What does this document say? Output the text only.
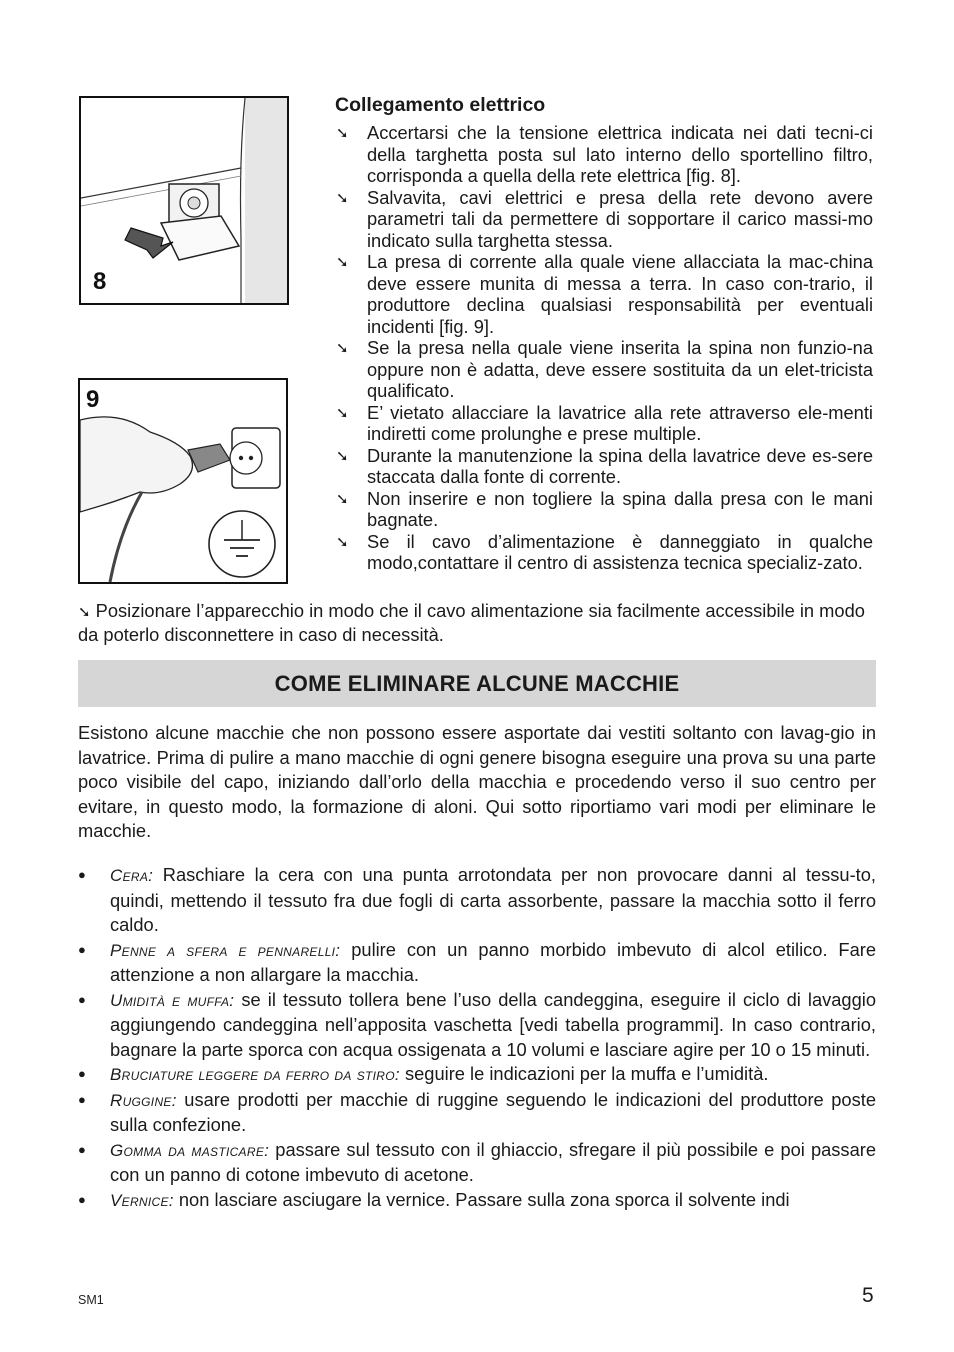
8
9
Collegamento elettrico
➘ Accertarsi che la tensione elettrica indicata nei dati tecni-ci della targhetta posta sul lato interno dello sportellino filtro, corrisponda a quella della rete elettrica [fig. 8].
➘ Salvavita, cavi elettrici e presa della rete devono avere parametri tali da permettere di sopportare il carico massi-mo indicato sulla targhetta stessa.
➘ La presa di corrente alla quale viene allacciata la mac-china deve essere munita di messa a terra. In caso con-trario, il produttore declina qualsiasi responsabilità per eventuali incidenti [fig. 9].
➘ Se la presa nella quale viene inserita la spina non funzio-na oppure non è adatta, deve essere sostituita da un elet-tricista qualificato.
➘ E’ vietato allacciare la lavatrice alla rete attraverso ele-menti indiretti come prolunghe e prese multiple.
➘ Durante la manutenzione la spina della lavatrice deve es-sere staccata dalla fonte di corrente.
➘ Non inserire e non togliere la spina dalla presa con le mani bagnate.
➘ Se il cavo d’alimentazione è danneggiato in qualche modo,contattare il centro di assistenza tecnica specializ-zato.
➘ Posizionare l’apparecchio in modo che il cavo alimentazione sia facilmente accessibile in modo da poterlo disconnettere in caso di necessità.
COME ELIMINARE ALCUNE MACCHIE

Esistono alcune macchie che non possono essere asportate dai vestiti soltanto con lavag-gio in lavatrice. Prima di pulire a mano macchie di ogni genere bisogna eseguire una prova su una parte poco visibile del capo, iniziando dall’orlo della macchia e procedendo verso il suo centro per evitare, in questo modo, la formazione di aloni. Qui sotto riportiamo vari modi per eliminare le macchie.

● Cera: Raschiare la cera con una punta arrotondata per non provocare danni al tessu-to, quindi, mettendo il tessuto fra due fogli di carta assorbente, passare la macchia sotto il ferro caldo.
● Penne a sfera e pennarelli: pulire con un panno morbido imbevuto di alcol etilico. Fare attenzione a non allargare la macchia.
● Umidità e muffa: se il tessuto tollera bene l’uso della candeggina, eseguire il ciclo di lavaggio aggiungendo candeggina nell’apposita vaschetta [vedi tabella programmi]. In caso contrario, bagnare la parte sporca con acqua ossigenata a 10 volumi e lasciare agire per 10 o 15 minuti.
● Bruciature leggere da ferro da stiro: seguire le indicazioni per la muffa e l’umidità.
● Ruggine: usare prodotti per macchie di ruggine seguendo le indicazioni del produttore poste sulla confezione.
● Gomma da masticare: passare sul tessuto con il ghiaccio, sfregare il più possibile e poi passare con un panno di cotone imbevuto di acetone.
● Vernice: non lasciare asciugare la vernice. Passare sulla zona sporca il solvente indi
SM1	5
